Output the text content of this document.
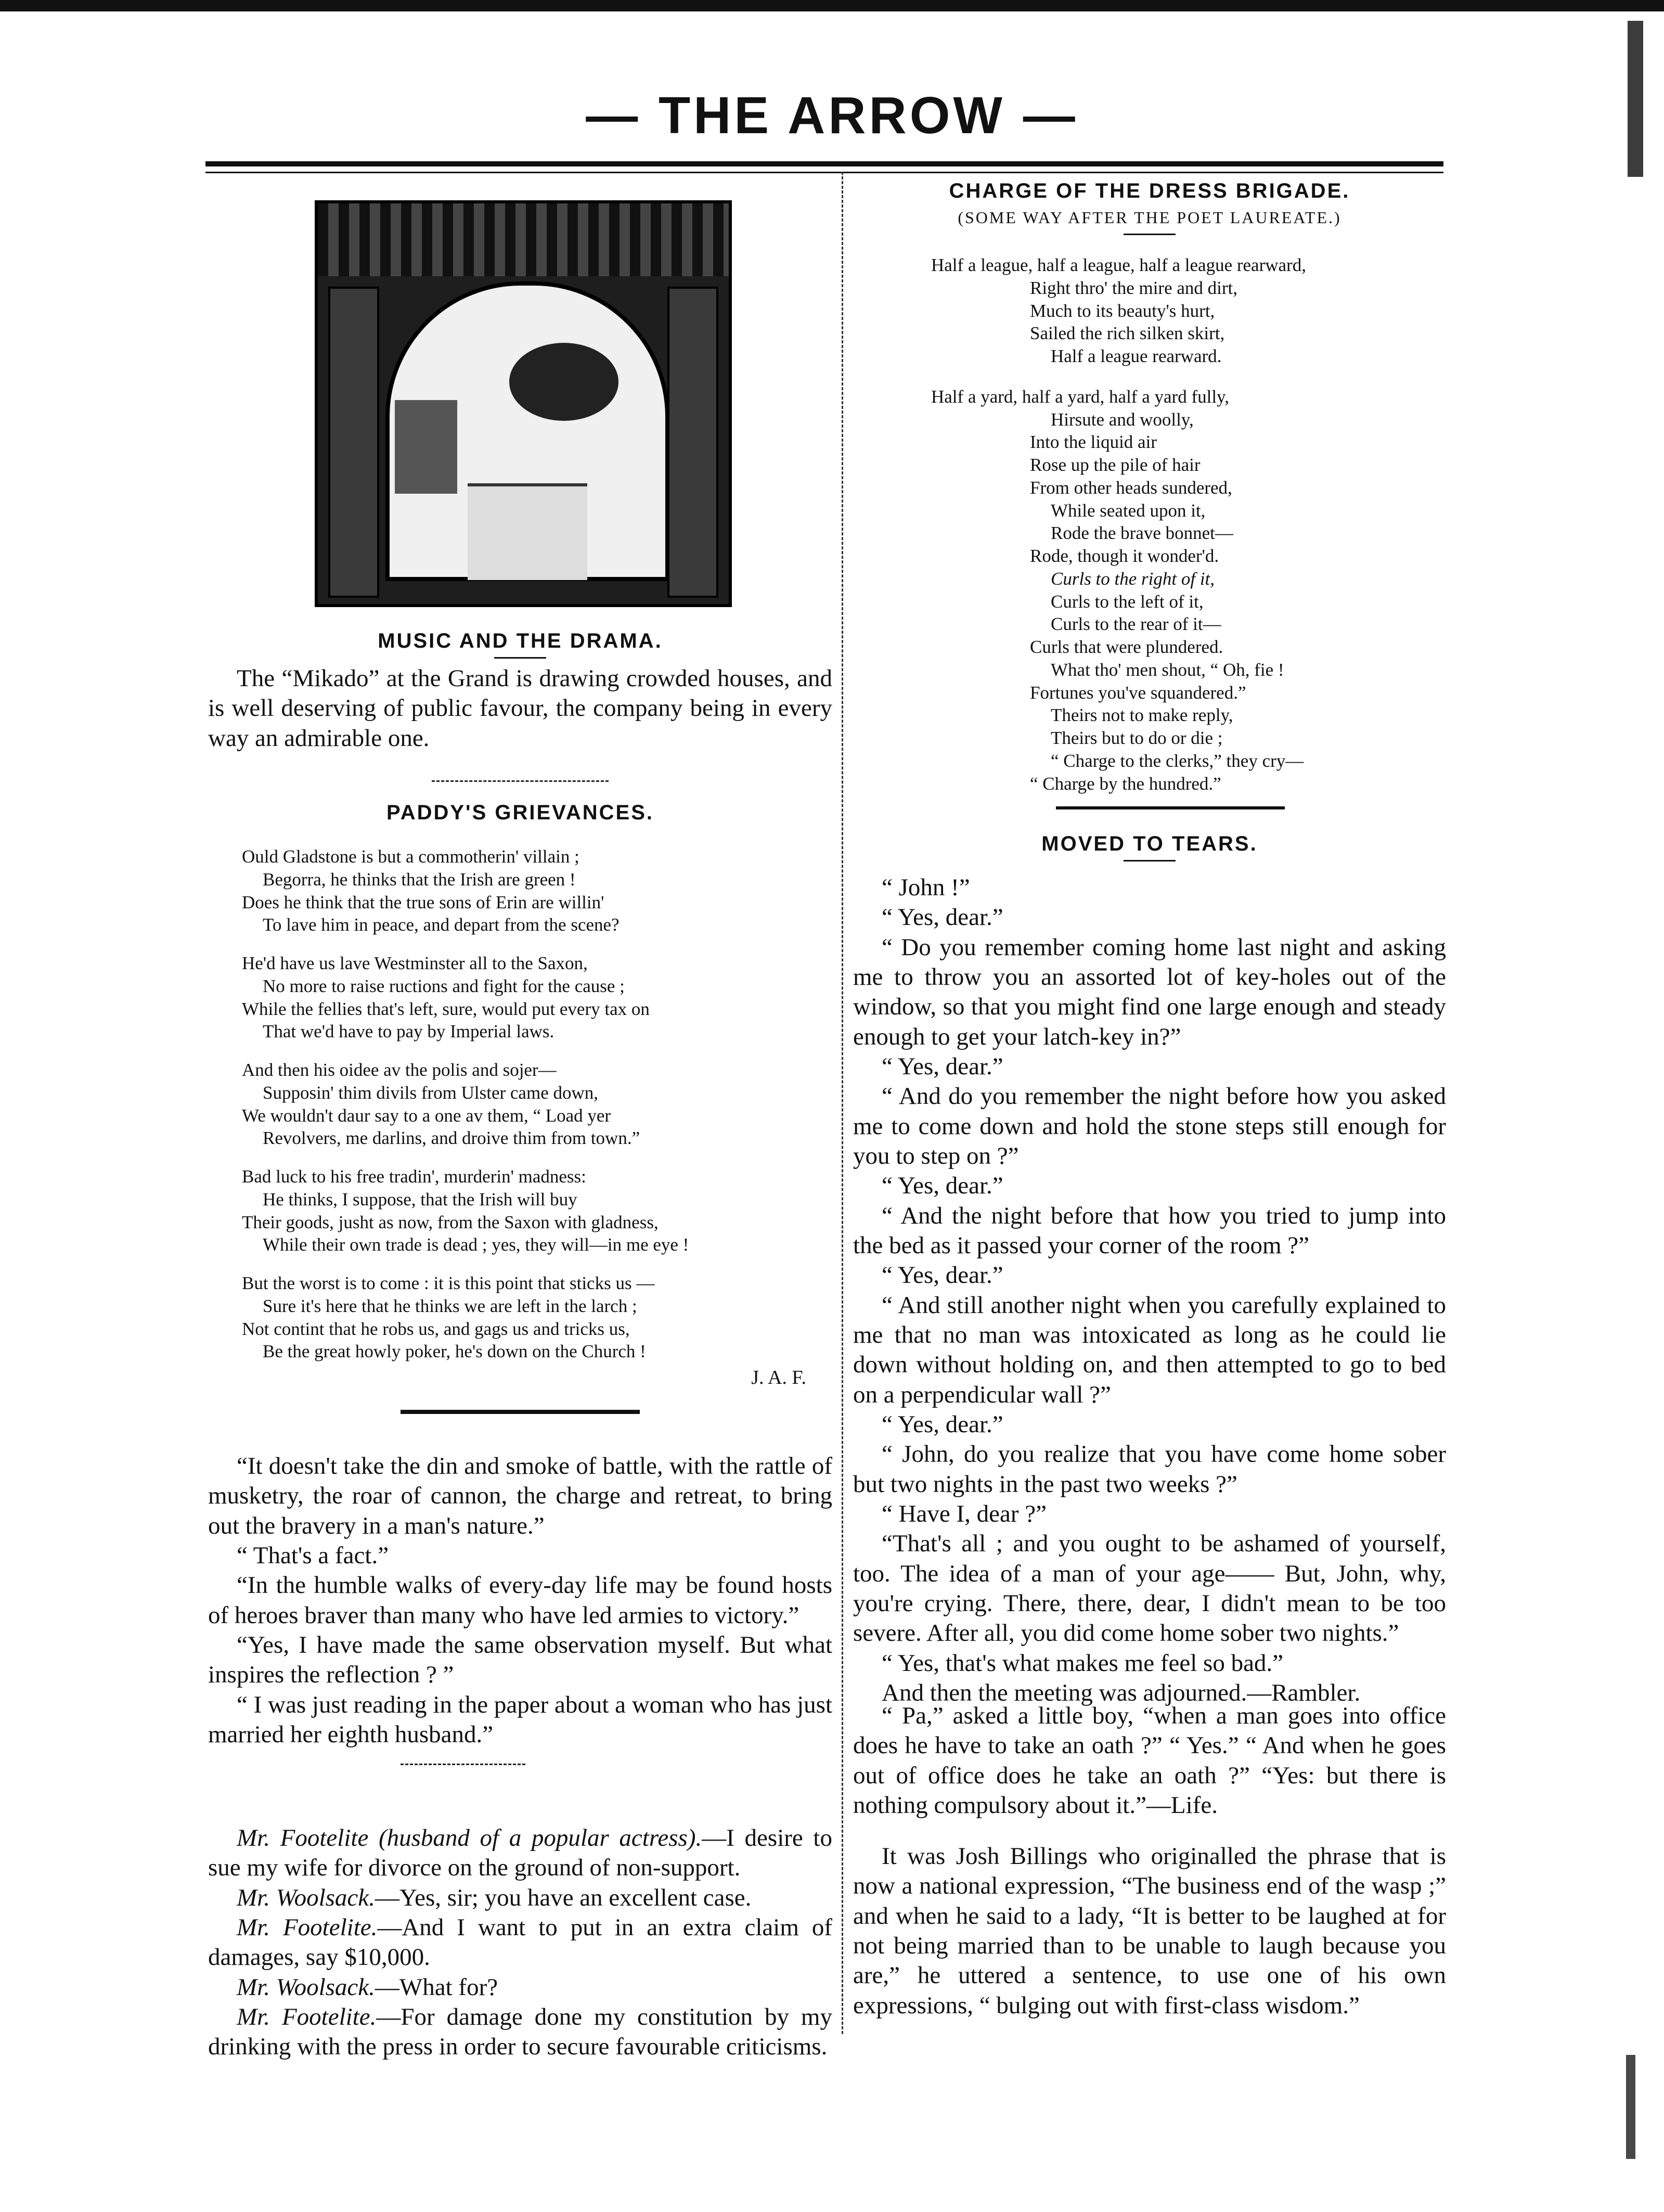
— THE ARROW —
MUSIC AND THE DRAMA.

The “Mikado” at the Grand is drawing crowded houses, and is well deserving of public favour, the company being in every way an admirable one.

PADDY'S GRIEVANCES.
Ould Gladstone is but a commotherin' villain ;
Begorra, he thinks that the Irish are green !
Does he think that the true sons of Erin are willin'
To lave him in peace, and depart from the scene?
He'd have us lave Westminster all to the Saxon,
No more to raise ructions and fight for the cause ;
While the fellies that's left, sure, would put every tax on
That we'd have to pay by Imperial laws.
And then his oidee av the polis and sojer—
Supposin' thim divils from Ulster came down,
We wouldn't daur say to a one av them, “ Load yer
Revolvers, me darlins, and droive thim from town.”
Bad luck to his free tradin', murderin' madness:
He thinks, I suppose, that the Irish will buy
Their goods, jusht as now, from the Saxon with gladness,
While their own trade is dead ; yes, they will—in me eye !
But the worst is to come : it is this point that sticks us —
Sure it's here that he thinks we are left in the larch ;
Not contint that he robs us, and gags us and tricks us,
Be the great howly poker, he's down on the Church !
J. A. F.

“It doesn't take the din and smoke of battle, with the rattle of musketry, the roar of cannon, the charge and retreat, to bring out the bravery in a man's nature.”

“ That's a fact.”

“In the humble walks of every-day life may be found hosts of heroes braver than many who have led armies to victory.”

“Yes, I have made the same observation myself. But what inspires the reflection ? ”

“ I was just reading in the paper about a woman who has just married her eighth husband.”

Mr. Footelite (husband of a popular actress).—I desire to sue my wife for divorce on the ground of non-support.

Mr. Woolsack.—Yes, sir; you have an excellent case.

Mr. Footelite.—And I want to put in an extra claim of damages, say $10,000.

Mr. Woolsack.—What for?

Mr. Footelite.—For damage done my constitution by my drinking with the press in order to secure favourable criticisms.

CHARGE OF THE DRESS BRIGADE.
(SOME WAY AFTER THE POET LAUREATE.)
Half a league, half a league, half a league rearward,
Right thro' the mire and dirt,
Much to its beauty's hurt,
Sailed the rich silken skirt,
Half a league rearward.
Half a yard, half a yard, half a yard fully,
Hirsute and woolly,
Into the liquid air
Rose up the pile of hair
From other heads sundered,
While seated upon it,
Rode the brave bonnet—
Rode, though it wonder'd.
Curls to the right of it,
Curls to the left of it,
Curls to the rear of it—
Curls that were plundered.
What tho' men shout, “ Oh, fie !
Fortunes you've squandered.”
Theirs not to make reply,
Theirs but to do or die ;
“ Charge to the clerks,” they cry—
“ Charge by the hundred.”
MOVED TO TEARS.

“ John !”

“ Yes, dear.”

“ Do you remember coming home last night and asking me to throw you an assorted lot of key-holes out of the window, so that you might find one large enough and steady enough to get your latch-key in?”

“ Yes, dear.”

“ And do you remember the night before how you asked me to come down and hold the stone steps still enough for you to step on ?”

“ Yes, dear.”

“ And the night before that how you tried to jump into the bed as it passed your corner of the room ?”

“ Yes, dear.”

“ And still another night when you carefully explained to me that no man was intoxicated as long as he could lie down without holding on, and then attempted to go to bed on a perpendicular wall ?”

“ Yes, dear.”

“ John, do you realize that you have come home sober but two nights in the past two weeks ?”

“ Have I, dear ?”

“That's all ; and you ought to be ashamed of yourself, too. The idea of a man of your age—— But, John, why, you're crying. There, there, dear, I didn't mean to be too severe. After all, you did come home sober two nights.”

“ Yes, that's what makes me feel so bad.”

And then the meeting was adjourned.—Rambler.

“ Pa,” asked a little boy, “when a man goes into office does he have to take an oath ?” “ Yes.” “ And when he goes out of office does he take an oath ?” “Yes: but there is nothing compulsory about it.”—Life.

It was Josh Billings who originalled the phrase that is now a national expression, “The business end of the wasp ;” and when he said to a lady, “It is better to be laughed at for not being married than to be unable to laugh because you are,” he uttered a sentence, to use one of his own expressions, “ bulging out with first-class wisdom.”
